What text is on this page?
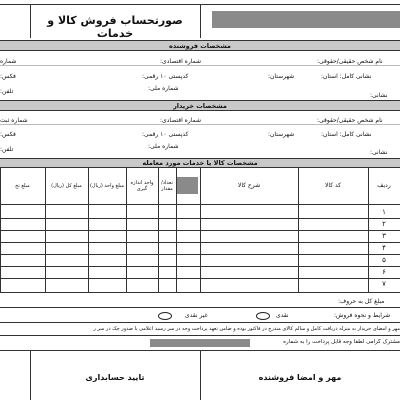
صورتحساب فروش کالا و خدمات
مشخصات فروشنده
نام شخص حقیقی/حقوقی:
شماره اقتصادی:
شماره
نشانی کامل: استان:
شهرستان:
کدپستی ۱۰ رقمی:
فکس:
شماره ملی:
تلفن:
نشانی:
مشخصات خریدار
نام شخص حقیقی/حقوقی:
شماره اقتصادی:
شماره ثبت
نشانی کامل: استان:
شهرستان:
کدپستی ۱۰ رقمی:
فکس:
شماره ملی:
تلفن:	نشانی:
مشخصات کالا یا خدمات مورد معامله
ردیف
کد کالا
شرح کالا
تعداد/مقدار
واحد اندازه گیری
مبلغ واحد (ریال)
مبلغ کل (ریال)
مبلغ تخ
۱
۲
۳
۴
۵
۶
۷
مبلغ کل به حروف:
شرایط و نحوه فروش:
نقدی
غیر نقدی
مهر و امضای خریدار به منزله دریافت کامل و سالم کالای مندرج در فاکتور بوده و ضامن تعهد پرداخت وجه در سر رسید اعلامی یا صدور چک در سر ر
مشترک گرامی لطفا وجه قابل پرداخت را به شماره
مهر و امضا فروشنده
تایید حسابداری
